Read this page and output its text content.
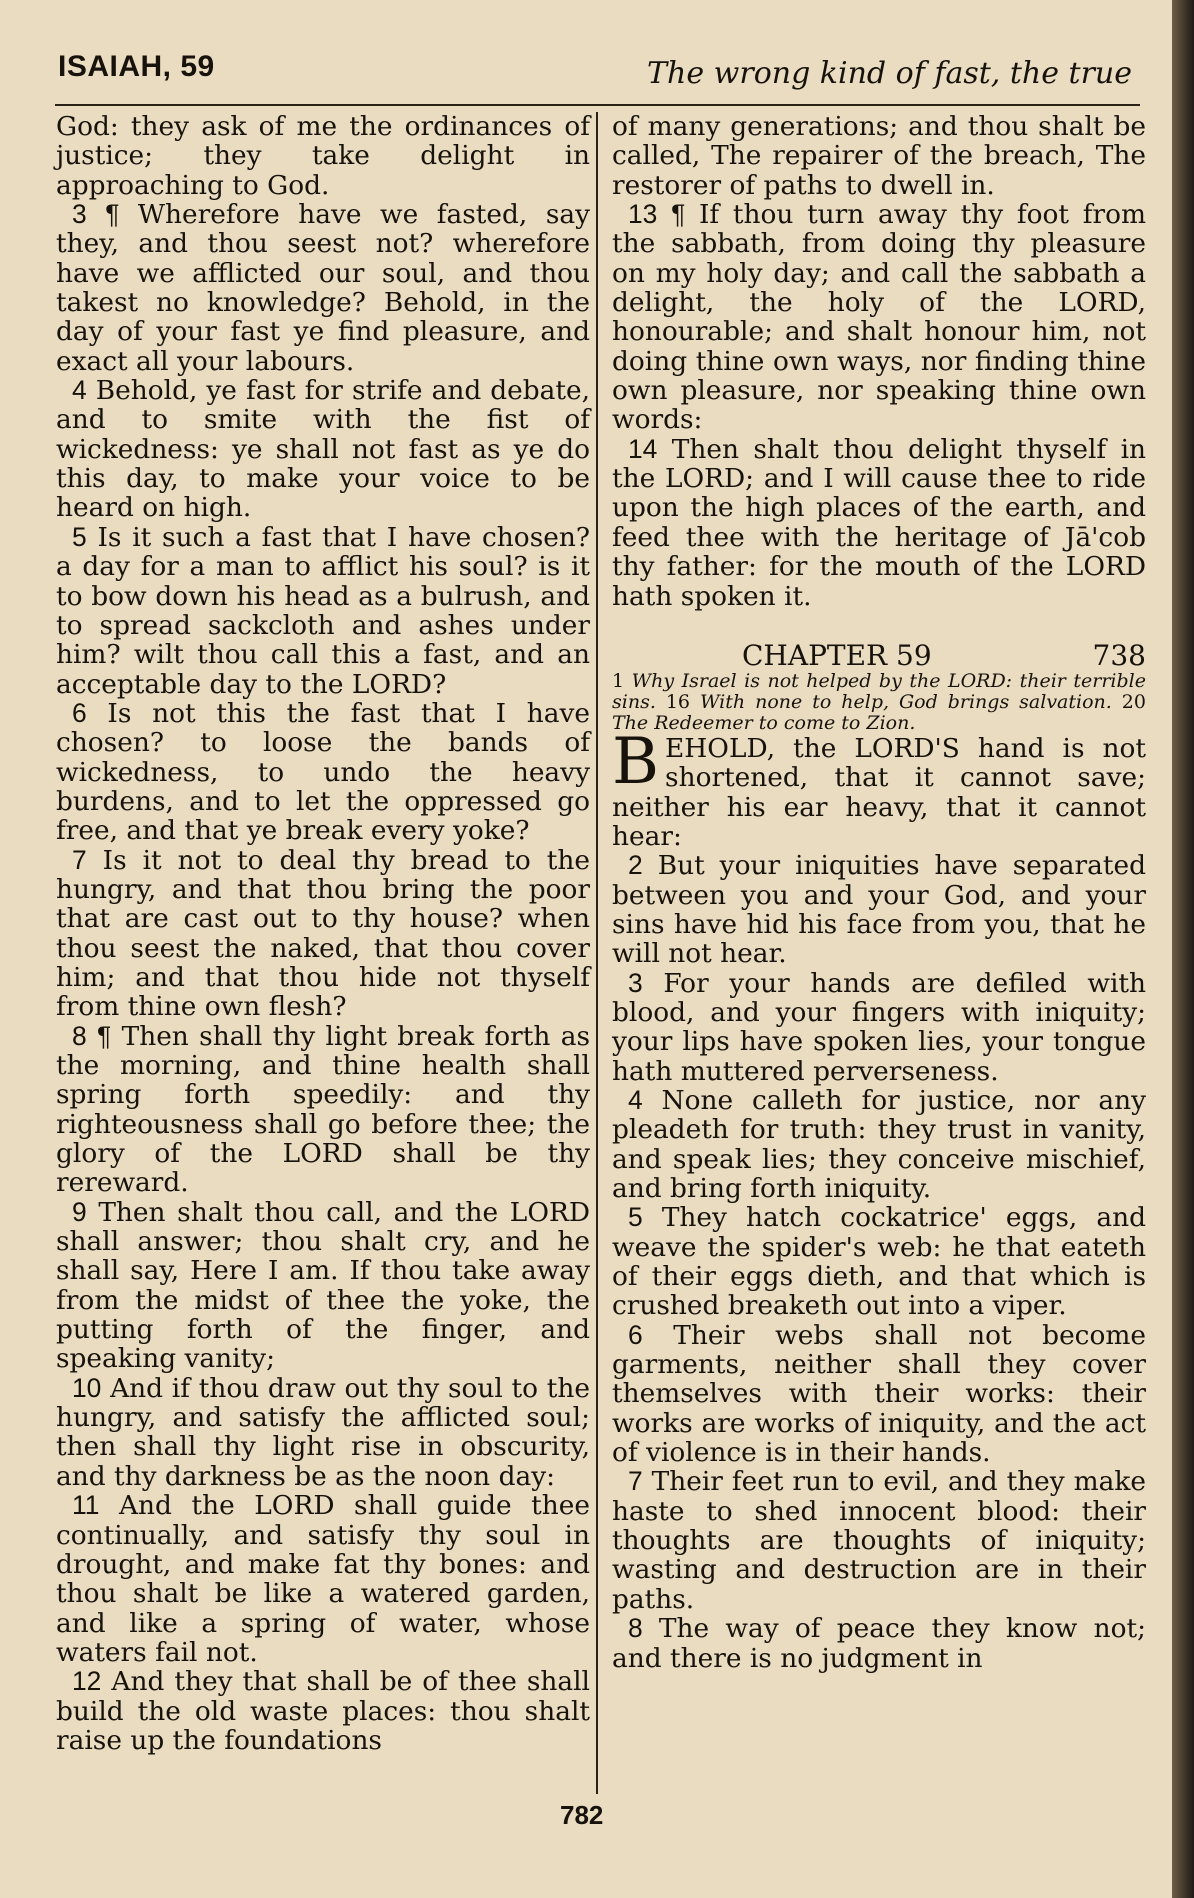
ISAIAH, 59	The wrong kind of fast, the true

God: they ask of me the ordinances of justice; they take delight in approaching to God.

3 ¶ Wherefore have we fasted, say they, and thou seest not? wherefore have we afflicted our soul, and thou takest no knowledge? Behold, in the day of your fast ye find pleasure, and exact all your labours.

4 Behold, ye fast for strife and debate, and to smite with the fist of wickedness: ye shall not fast as ye do this day, to make your voice to be heard on high.

5 Is it such a fast that I have chosen? a day for a man to afflict his soul? is it to bow down his head as a bulrush, and to spread sackcloth and ashes under him? wilt thou call this a fast, and an acceptable day to the LORD?

6 Is not this the fast that I have chosen? to loose the bands of wickedness, to undo the heavy burdens, and to let the oppressed go free, and that ye break every yoke?

7 Is it not to deal thy bread to the hungry, and that thou bring the poor that are cast out to thy house? when thou seest the naked, that thou cover him; and that thou hide not thyself from thine own flesh?

8 ¶ Then shall thy light break forth as the morning, and thine health shall spring forth speedily: and thy righteousness shall go before thee; the glory of the LORD shall be thy rereward.

9 Then shalt thou call, and the LORD shall answer; thou shalt cry, and he shall say, Here I am. If thou take away from the midst of thee the yoke, the putting forth of the finger, and speaking vanity;

10 And if thou draw out thy soul to the hungry, and satisfy the afflicted soul; then shall thy light rise in obscurity, and thy darkness be as the noon day:

11 And the LORD shall guide thee continually, and satisfy thy soul in drought, and make fat thy bones: and thou shalt be like a watered garden, and like a spring of water, whose waters fail not.

12 And they that shall be of thee shall build the old waste places: thou shalt raise up the foundations

of many generations; and thou shalt be called, The repairer of the breach, The restorer of paths to dwell in.

13 ¶ If thou turn away thy foot from the sabbath, from doing thy pleasure on my holy day; and call the sabbath a delight, the holy of the LORD, honourable; and shalt honour him, not doing thine own ways, nor finding thine own pleasure, nor speaking thine own words:

14 Then shalt thou delight thyself in the LORD; and I will cause thee to ride upon the high places of the earth, and feed thee with the heritage of Jā'cob thy father: for the mouth of the LORD hath spoken it.

CHAPTER 59	738

1 Why Israel is not helped by the LORD: their terrible sins. 16 With none to help, God brings salvation. 20 The Redeemer to come to Zion.

BEHOLD, the LORD'S hand is not shortened, that it cannot save; neither his ear heavy, that it cannot hear:

2 But your iniquities have separated between you and your God, and your sins have hid his face from you, that he will not hear.

3 For your hands are defiled with blood, and your fingers with iniquity; your lips have spoken lies, your tongue hath muttered perverseness.

4 None calleth for justice, nor any pleadeth for truth: they trust in vanity, and speak lies; they conceive mischief, and bring forth iniquity.

5 They hatch cockatrice' eggs, and weave the spider's web: he that eateth of their eggs dieth, and that which is crushed breaketh out into a viper.

6 Their webs shall not become garments, neither shall they cover themselves with their works: their works are works of iniquity, and the act of violence is in their hands.

7 Their feet run to evil, and they make haste to shed innocent blood: their thoughts are thoughts of iniquity; wasting and destruction are in their paths.

8 The way of peace they know not; and there is no judgment in

782
